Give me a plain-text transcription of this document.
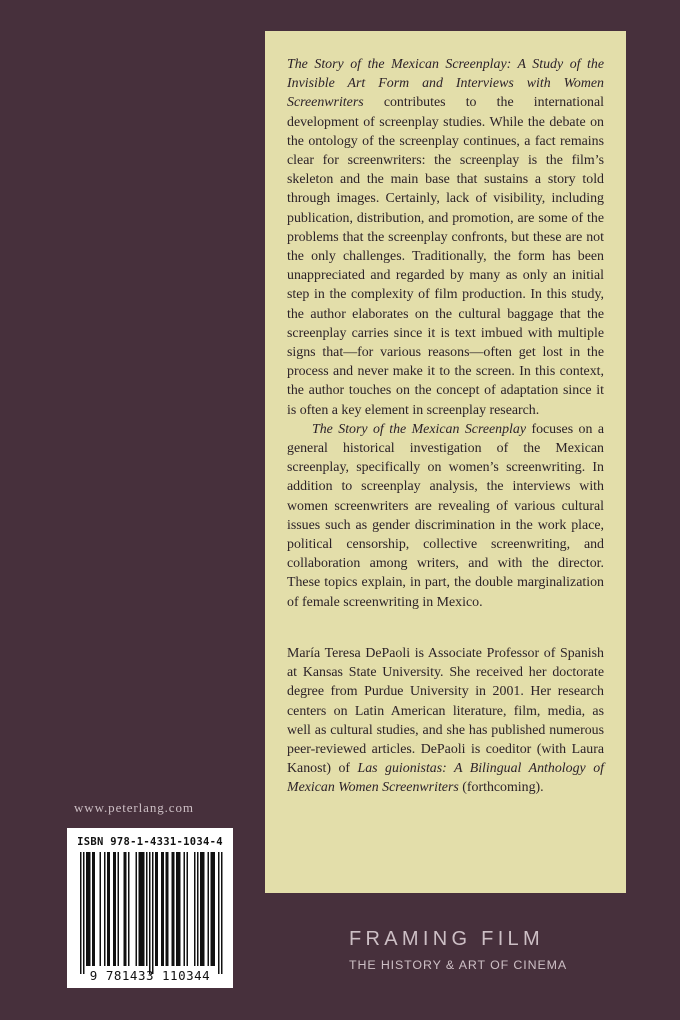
The Story of the Mexican Screenplay: A Study of the Invisible Art Form and Interviews with Women Screenwriters contributes to the international development of screenplay studies. While the debate on the ontology of the screenplay continues, a fact remains clear for screenwriters: the screenplay is the film’s skeleton and the main base that sustains a story told through images. Certainly, lack of visibility, including publication, distribution, and promotion, are some of the problems that the screenplay confronts, but these are not the only challenges. Traditionally, the form has been unappreciated and regarded by many as only an initial step in the complexity of film production. In this study, the author elaborates on the cultural baggage that the screenplay carries since it is text imbued with multiple signs that—for various reasons—often get lost in the process and never make it to the screen. In this context, the author touches on the concept of adaptation since it is often a key element in screenplay research.

The Story of the Mexican Screenplay focuses on a general historical investigation of the Mexican screenplay, specifically on women’s screenwriting. In addition to screenplay analysis, the interviews with women screenwriters are revealing of various cultural issues such as gender discrimination in the work place, political censorship, collective screenwriting, and collaboration among writers, and with the director. These topics explain, in part, the double marginalization of female screenwriting in Mexico.

María Teresa DePaoli is Associate Professor of Spanish at Kansas State University. She received her doctorate degree from Purdue University in 2001. Her research centers on Latin American literature, film, media, as well as cultural studies, and she has published numerous peer-reviewed articles. DePaoli is coeditor (with Laura Kanost) of Las guionistas: A Bilingual Anthology of Mexican Women Screenwriters (forthcoming).

www.peterlang.com
ISBN 978-1-4331-1034-4
9 781433 110344
FRAMING FILM
THE HISTORY & ART OF CINEMA
